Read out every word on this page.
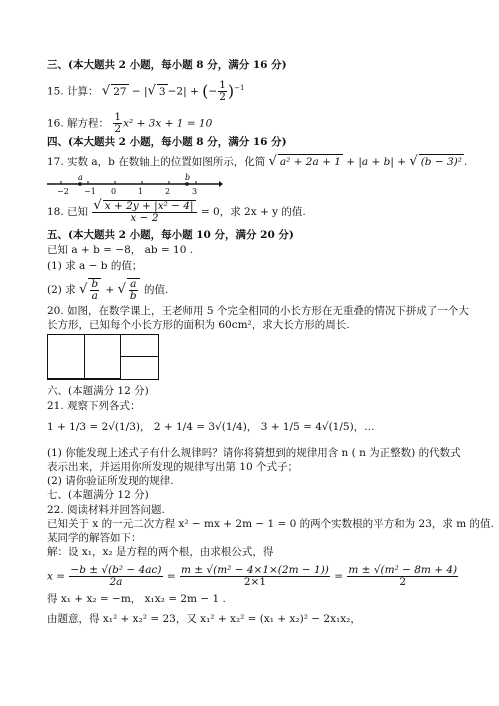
三、(本大题共 2 小题，每小题 8 分，满分 16 分)
15. 计算： √ 27 − |√ 3 −2| + (− $\frac{1}{2} )^{-1}$
16. 解方程： $\frac{1}{2} x^2 + 3x + 1 = 10$
四、(本大题共 2 小题，每小题 8 分，满分 16 分)
17. 实数 a，b 在数轴上的位置如图所示，化简 √ a² + 2a + 1 + |a + b| + √ (b − 3)² .
−2 −1 0	1	2	3
a	b
18. 已知 $\frac{\text{√ x + 2y + |x² − 4|}}{x - 2} = 0$，求 2x + y 的值.
五、(本大题共 2 小题，每小题 10 分，满分 20 分)
已知 a + b = −8， ab = 10 .
(1) 求 a − b 的值；
(2) 求 √ $\frac{b}{a}$ + √ $\frac{a}{b}$ 的值.
20. 如图，在数学课上，王老师用 5 个完全相同的小长方形在无重叠的情况下拼成了一个大
长方形，已知每个小长方形的面积为 60cm²，求大长方形的周长.
六、(本题满分 12 分)
21. 观察下列各式：
1 + 1/3 = 2√(1/3)， 2 + 1/4 = 3√(1/4)， 3 + 1/5 = 4√(1/5)，…
(1) 你能发现上述式子有什么规律吗？请你将猜想到的规律用含 n ( n 为正整数) 的代数式
表示出来，并运用你所发现的规律写出第 10 个式子；
(2) 请你验证所发现的规律.
七、(本题满分 12 分)
22. 阅读材料并回答问题.
已知关于 x 的一元二次方程 x² − mx + 2m − 1 = 0 的两个实数根的平方和为 23，求 m 的值.
某同学的解答如下：
解：设 x₁，x₂ 是方程的两个根，由求根公式，得
$x = \frac{\text{−b ± √(b² − 4ac)}}{2a} = \frac{\text{m ± √(m² − 4×1×(2m − 1))}}{2\times 1} = \frac{\text{m ± √(m² − 8m + 4)}}{2}$
得 x₁ + x₂ = −m， x₁x₂ = 2m − 1 .
由题意，得 x₁² + x₂² = 23，又 x₁² + x₂² = (x₁ + x₂)² − 2x₁x₂，
